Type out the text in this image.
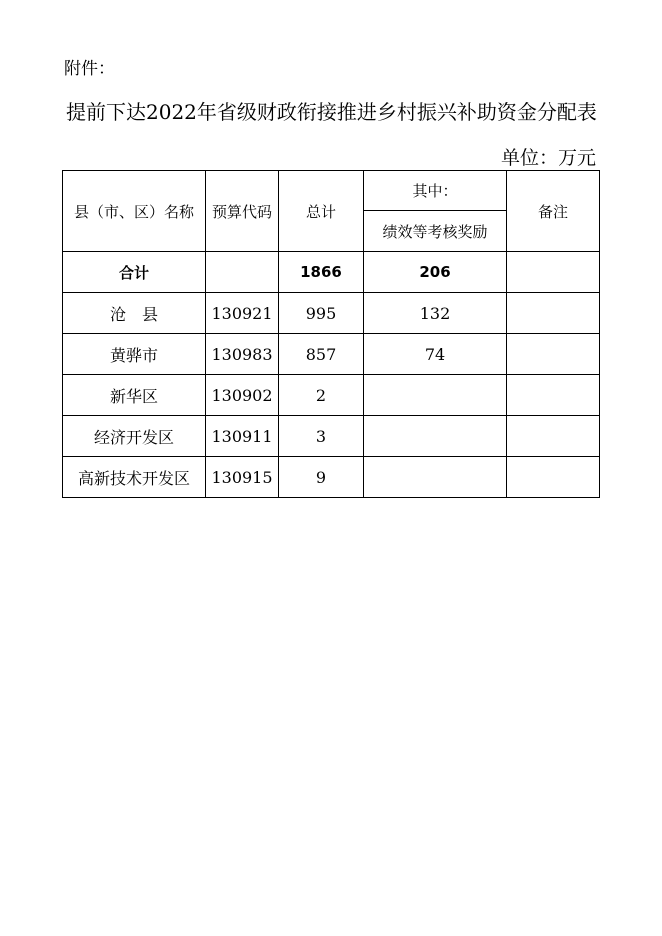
附件：
提前下达2022年省级财政衔接推进乡村振兴补助资金分配表
单位：万元
县（市、区）名称	预算代码	总计	其中：	备注
			绩效等考核奖励	
合计		1866	206	
沧　县	130921	995	132	
黄骅市	130983	857	74	
新华区	130902	2		
经济开发区	130911	3		
高新技术开发区	130915	9		
